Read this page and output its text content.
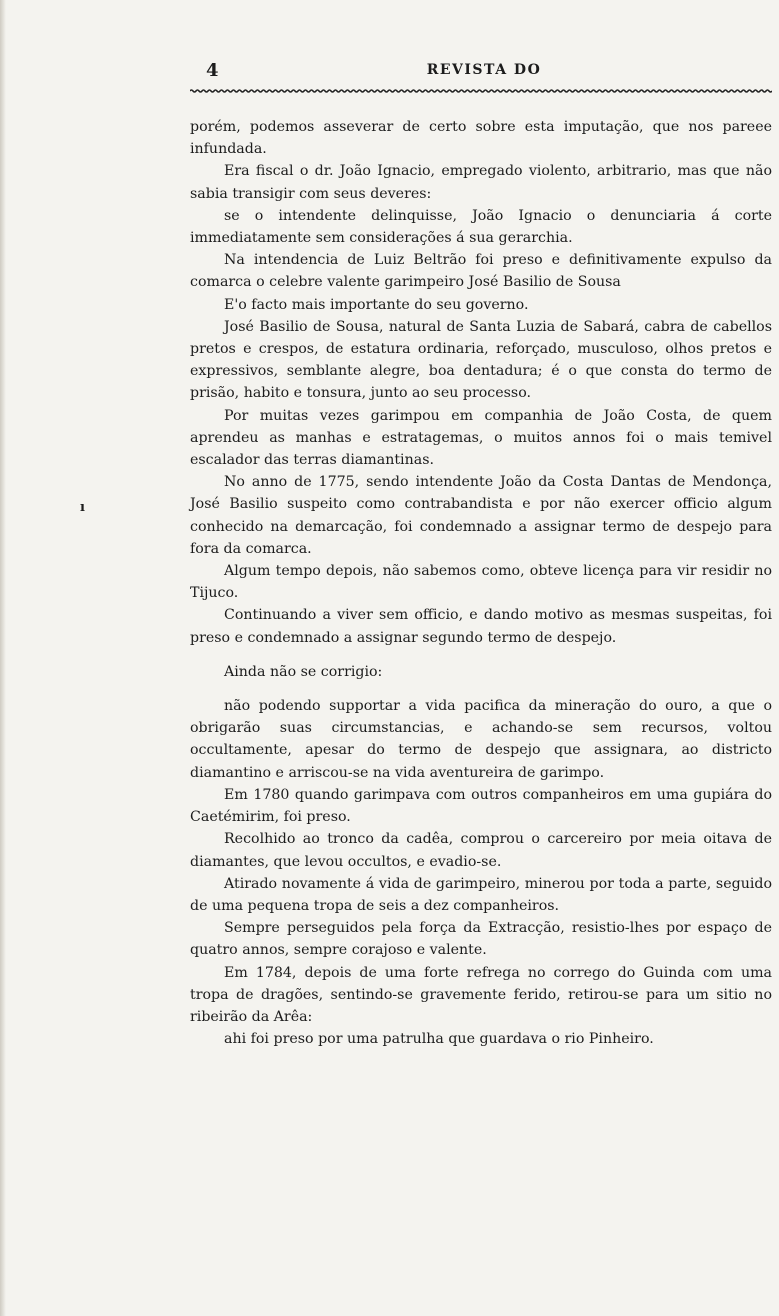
4	REVISTA DO
ı

porém, podemos asseverar de certo sobre esta imputação, que nos pareee infundada.

Era fiscal o dr. João Ignacio, empregado violento, arbitrario, mas que não sabia transigir com seus deveres:

se o intendente delinquisse, João Ignacio o denunciaria á corte immediatamente sem considerações á sua gerarchia.

Na intendencia de Luiz Beltrão foi preso e definitivamente expulso da comarca o celebre valente garimpeiro José Basilio de Sousa

E'o facto mais importante do seu governo.

José Basilio de Sousa, natural de Santa Luzia de Sabará, cabra de cabellos pretos e crespos, de estatura ordinaria, reforçado, musculoso, olhos pretos e expressivos, semblante alegre, boa dentadura; é o que consta do termo de prisão, habito e tonsura, junto ao seu processo.

Por muitas vezes garimpou em companhia de João Costa, de quem aprendeu as manhas e estratagemas, o muitos annos foi o mais temivel escalador das terras diamantinas.

No anno de 1775, sendo intendente João da Costa Dantas de Mendonça, José Basilio suspeito como contrabandista e por não exercer officio algum conhecido na demarcação, foi condemnado a assignar termo de despejo para fora da comarca.

Algum tempo depois, não sabemos como, obteve licença para vir residir no Tijuco.

Continuando a viver sem officio, e dando motivo as mesmas suspeitas, foi preso e condemnado a assignar segundo termo de despejo.

Ainda não se corrigio:

não podendo supportar a vida pacifica da mineração do ouro, a que o obrigarão suas circumstancias, e achando-se sem recursos, voltou occultamente, apesar do termo de despejo que assignara, ao districto diamantino e arriscou-se na vida aventureira de garimpo.

Em 1780 quando garimpava com outros companheiros em uma gupiára do Caetémirim, foi preso.

Recolhido ao tronco da cadêa, comprou o carcereiro por meia oitava de diamantes, que levou occultos, e evadio-se.

Atirado novamente á vida de garimpeiro, minerou por toda a parte, seguido de uma pequena tropa de seis a dez companheiros.

Sempre perseguidos pela força da Extracção, resistio-lhes por espaço de quatro annos, sempre corajoso e valente.

Em 1784, depois de uma forte refrega no corrego do Guinda com uma tropa de dragões, sentindo-se gravemente ferido, retirou-se para um sitio no ribeirão da Arêa:

ahi foi preso por uma patrulha que guardava o rio Pinheiro.
